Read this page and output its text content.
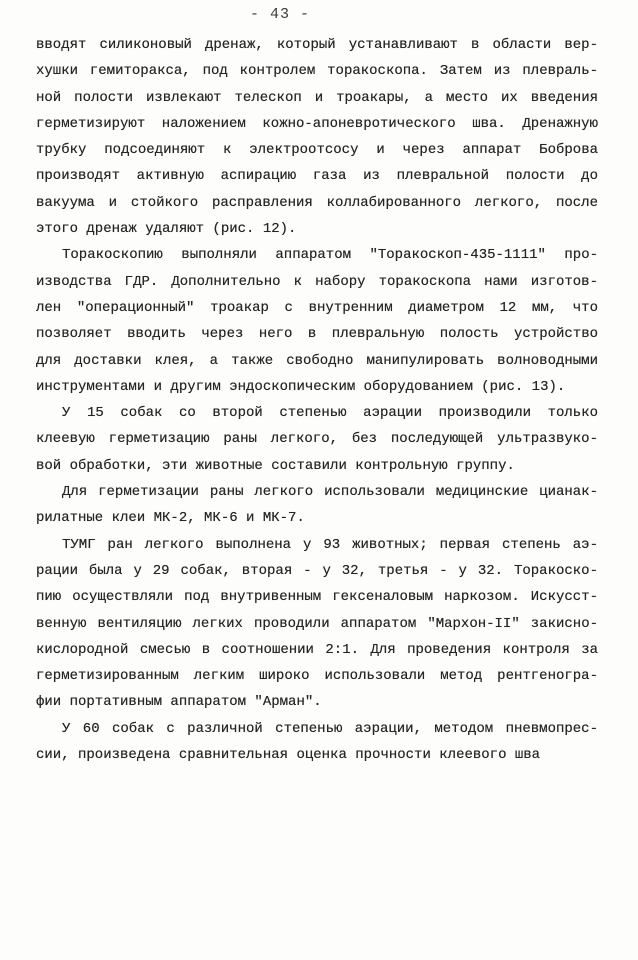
- 43 -
вводят силиконовый дренаж, который устанавливают в области вер-
хушки гемиторакса, под контролем торакоскопа. Затем из плевраль-
ной полости извлекают телескоп и троакары, а место их введения
герметизируют наложением кожно-апоневротического шва. Дренажную
трубку подсоединяют к электроотсосу и через аппарат Боброва
производят активную аспирацию газа из плевральной полости до
вакуума и стойкого расправления коллабированного легкого, после
этого дренаж удаляют (рис. 12).
Торакоскопию выполняли аппаратом "Торакоскоп-435-1111" про-
изводства ГДР. Дополнительно к набору торакоскопа нами изготов-
лен "операционный" троакар с внутренним диаметром 12 мм, что
позволяет вводить через него в плевральную полость устройство
для доставки клея, а также свободно манипулировать волноводными
инструментами и другим эндоскопическим оборудованием (рис. 13).
У 15 собак со второй степенью аэрации производили только
клеевую герметизацию раны легкого, без последующей ультразвуко-
вой обработки, эти животные составили контрольную группу.
Для герметизации раны легкого использовали медицинские цианак-
рилатные клеи МК-2, МК-6 и МК-7.
ТУМГ ран легкого выполнена у 93 животных; первая степень аэ-
рации была у 29 собак, вторая - у 32, третья - у 32. Торакоско-
пию осуществляли под внутривенным гексеналовым наркозом. Искусст-
венную вентиляцию легких проводили аппаратом "Мархон-II" закисно-
кислородной смесью в соотношении 2:1. Для проведения контроля за
герметизированным легким широко использовали метод рентгеногра-
фии портативным аппаратом "Арман".
У 60 собак с различной степенью аэрации, методом пневмопрес-
сии, произведена сравнительная оценка прочности клеевого шва
